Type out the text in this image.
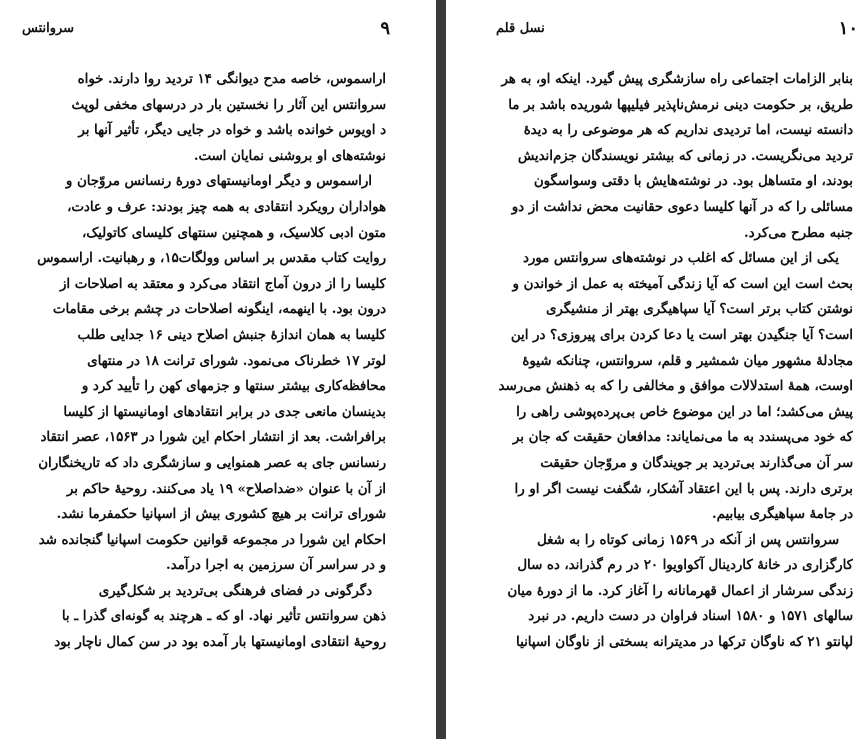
۹
سروانتس
اراسموس، خاصه مدح دیوانگی ۱۴ تردید روا دارند. خواه
سروانتس این آثار را نخستین بار در درسهای مخفی لوپث
د اویوس خوانده باشد و خواه در جایی دیگر، تأثیر آنها بر
نوشته‌های او بروشنی نمایان است.
اراسموس و دیگر اومانیستهای دورهٔ رنسانس مروّجان و
هواداران رویکرد انتقادی به همه چیز بودند: عرف و عادت،
متون ادبی کلاسیک، و همچنین سنتهای کلیسای کاتولیک،
روایت کتاب مقدس بر اساس وولگات۱۵، و رهبانیت. اراسموس
کلیسا را از درون آماج انتقاد می‌کرد و معتقد به اصلاحات از
درون بود. با اینهمه، اینگونه اصلاحات در چشم برخی مقامات
کلیسا به همان اندازهٔ جنبش اصلاح دینی ۱۶ جدایی طلب
لوتر ۱۷ خطرناک می‌نمود. شورای ترانت ۱۸ در منتهای
محافظه‌کاری بیشتر سنتها و جزمهای کهن را تأیید کرد و
بدینسان مانعی جدی در برابر انتقادهای اومانیستها از کلیسا
برافراشت. بعد از انتشار احکام این شورا در ۱۵۶۳، عصر انتقاد
رنسانس جای به عصر همنوایی و سازشگری داد که تاریخنگاران
از آن با عنوان «ضداصلاح» ۱۹ یاد می‌کنند. روحیهٔ حاکم بر
شورای ترانت بر هیچ کشوری بیش از اسپانیا حکمفرما نشد.
احکام این شورا در مجموعه قوانین حکومت اسپانیا گنجانده شد
و در سراسر آن سرزمین به اجرا درآمد.
دگرگونی در فضای فرهنگی بی‌تردید بر شکل‌گیری
ذهن سروانتس تأثیر نهاد. او که ـ هرچند به گونه‌ای گذرا ـ با
روحیهٔ انتقادی اومانیستها بار آمده بود در سن کمال ناچار بود
۱۰
نسل قلم
بنابر الزامات اجتماعی راه سازشگری پیش گیرد. اینکه او، به هر
طریق، بر حکومت دینی نرمش‌ناپذیر فیلیپها شوریده باشد بر ما
دانسته نیست، اما تردیدی نداریم که هر موضوعی را به دیدهٔ
تردید می‌نگریست. در زمانی که بیشتر نویسندگان جزم‌اندیش
بودند، او متساهل بود. در نوشته‌هایش با دقتی وسواسگون
مسائلی را که در آنها کلیسا دعوی حقانیت محض نداشت از دو
جنبه مطرح می‌کرد.
یکی از این مسائل که اغلب در نوشته‌های سروانتس مورد
بحث است این است که آیا زندگی آمیخته به عمل از خواندن و
نوشتن کتاب برتر است؟ آیا سپاهیگری بهتر از منشیگری
است؟ آیا جنگیدن بهتر است یا دعا کردن برای پیروزی؟ در این
مجادلهٔ مشهور میان شمشیر و قلم، سروانتس، چنانکه شیوهٔ
اوست، همهٔ استدلالات موافق و مخالفی را که به ذهنش می‌رسد
پیش می‌کشد؛ اما در این موضوع خاص بی‌پرده‌پوشی راهی را
که خود می‌پسندد به ما می‌نمایاند: مدافعان حقیقت که جان بر
سر آن می‌گذارند بی‌تردید بر جویندگان و مروّجان حقیقت
برتری دارند. پس با این اعتقاد آشکار، شگفت نیست اگر او را
در جامهٔ سپاهیگری بیابیم.
سروانتس پس از آنکه در ۱۵۶۹ زمانی کوتاه را به شغل
کارگزاری در خانهٔ کاردینال آکواویوا ۲۰ در رم گذراند، ده سال
زندگی سرشار از اعمال قهرمانانه را آغاز کرد. ما از دورهٔ میان
سالهای ۱۵۷۱ و ۱۵۸۰ اسناد فراوان در دست داریم. در نبرد
لپانتو ۲۱ که ناوگان ترکها در مدیترانه بسختی از ناوگان اسپانیا
